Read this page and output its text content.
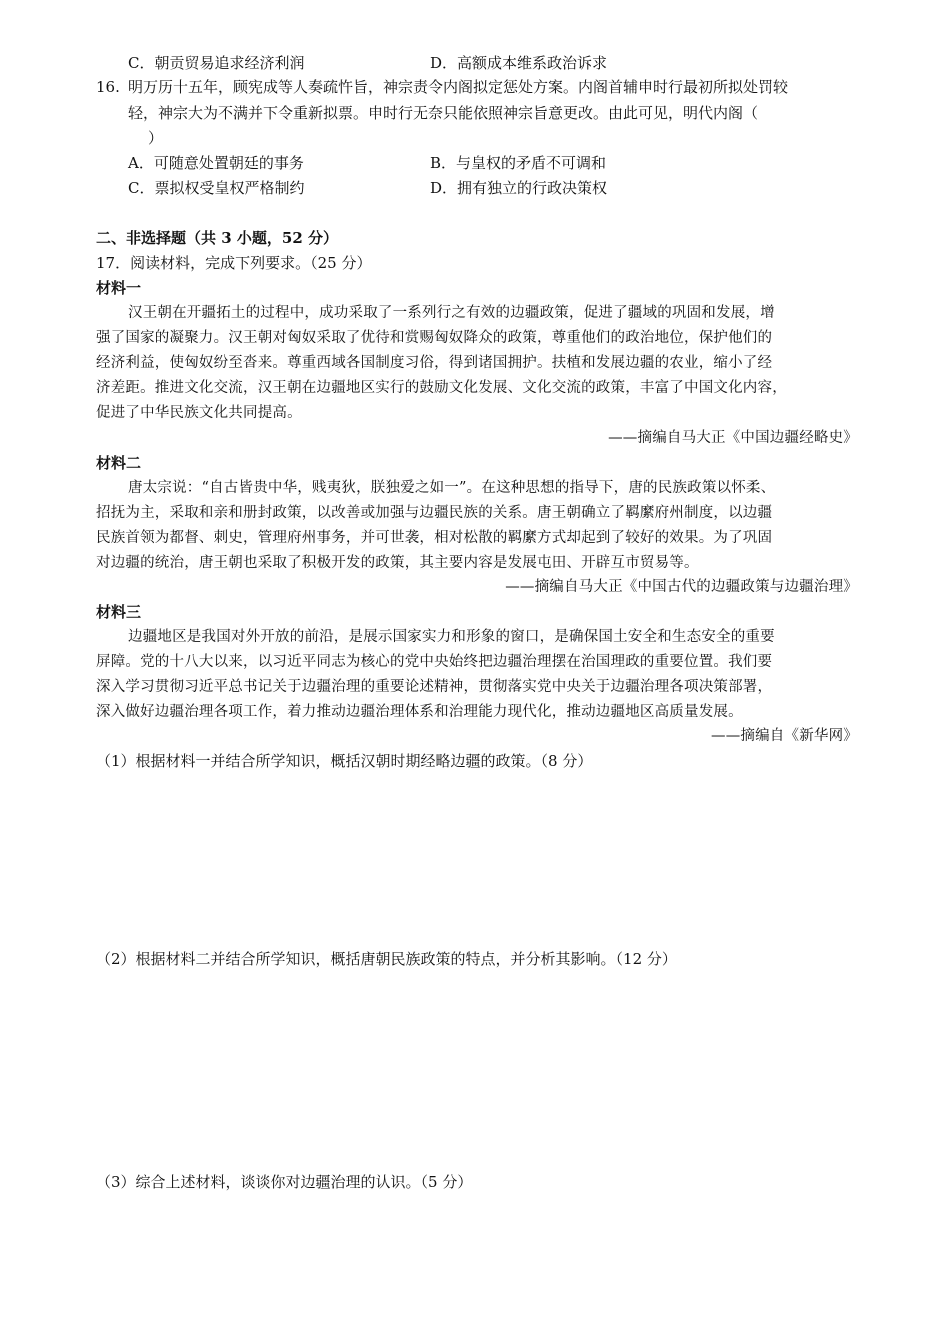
C．朝贡贸易追求经济利润	D．高额成本维系政治诉求
16. 明万历十五年，顾宪成等人奏疏忤旨，神宗责令内阁拟定惩处方案。内阁首辅申时行最初所拟处罚较
轻，神宗大为不满并下令重新拟票。申时行无奈只能依照神宗旨意更改。由此可见，明代内阁（
）
A．可随意处置朝廷的事务	B．与皇权的矛盾不可调和
C．票拟权受皇权严格制约	D．拥有独立的行政决策权
二、非选择题（共 3 小题，52 分）
17．阅读材料，完成下列要求。（25 分）
材料一
汉王朝在开疆拓土的过程中，成功采取了一系列行之有效的边疆政策，促进了疆域的巩固和发展，增
强了国家的凝聚力。汉王朝对匈奴采取了优待和赏赐匈奴降众的政策，尊重他们的政治地位，保护他们的
经济利益，使匈奴纷至沓来。尊重西域各国制度习俗，得到诸国拥护。扶植和发展边疆的农业，缩小了经
济差距。推进文化交流，汉王朝在边疆地区实行的鼓励文化发展、文化交流的政策，丰富了中国文化内容，
促进了中华民族文化共同提高。
——摘编自马大正《中国边疆经略史》
材料二
唐太宗说：“自古皆贵中华，贱夷狄，朕独爱之如一”。在这种思想的指导下，唐的民族政策以怀柔、
招抚为主，采取和亲和册封政策，以改善或加强与边疆民族的关系。唐王朝确立了羁縻府州制度，以边疆
民族首领为都督、刺史，管理府州事务，并可世袭，相对松散的羁縻方式却起到了较好的效果。为了巩固
对边疆的统治，唐王朝也采取了积极开发的政策，其主要内容是发展屯田、开辟互市贸易等。
——摘编自马大正《中国古代的边疆政策与边疆治理》
材料三
边疆地区是我国对外开放的前沿，是展示国家实力和形象的窗口，是确保国土安全和生态安全的重要
屏障。党的十八大以来，以习近平同志为核心的党中央始终把边疆治理摆在治国理政的重要位置。我们要
深入学习贯彻习近平总书记关于边疆治理的重要论述精神，贯彻落实党中央关于边疆治理各项决策部署，
深入做好边疆治理各项工作，着力推动边疆治理体系和治理能力现代化，推动边疆地区高质量发展。
——摘编自《新华网》
（1）根据材料一并结合所学知识，概括汉朝时期经略边疆的政策。（8 分）
（2）根据材料二并结合所学知识，概括唐朝民族政策的特点，并分析其影响。（12 分）
（3）综合上述材料，谈谈你对边疆治理的认识。（5 分）
